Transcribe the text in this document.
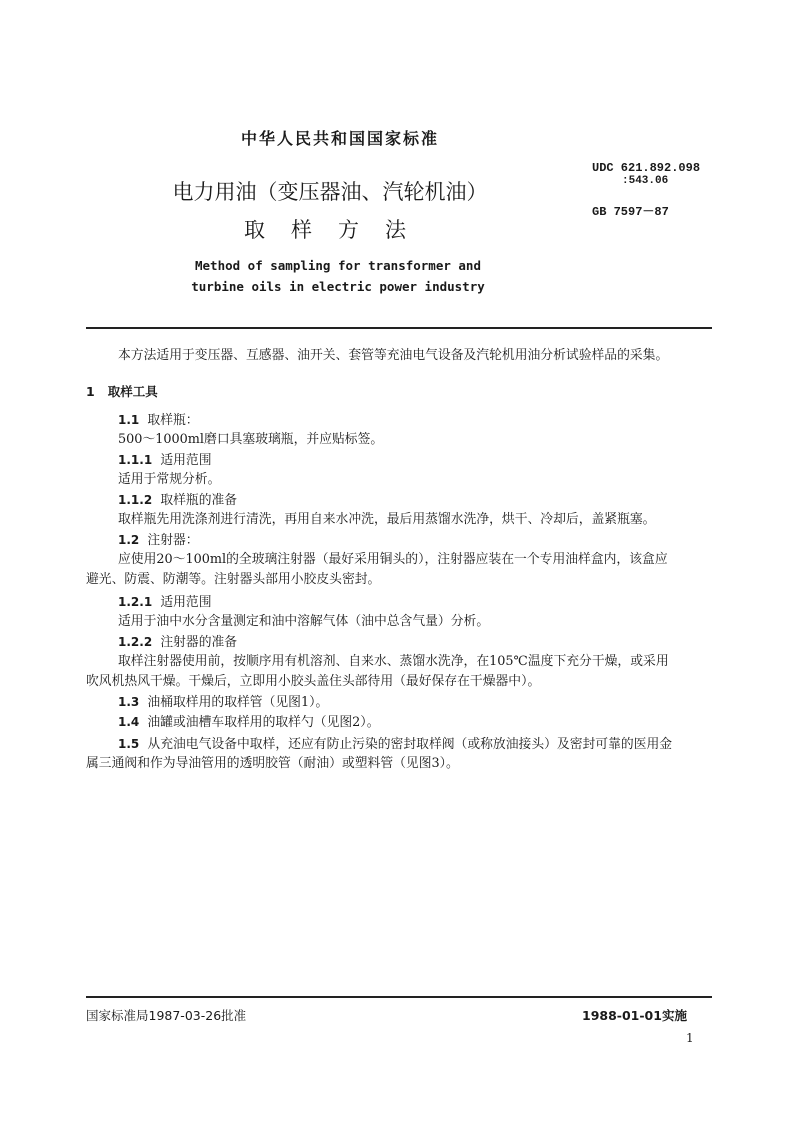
中华人民共和国国家标准
电力用油（变压器油、汽轮机油）
取样方法
Method of sampling for transformer and
turbine oils in electric power industry
UDC 621.892.098
:543.06
GB 7597－87
本方法适用于变压器、互感器、油开关、套管等充油电气设备及汽轮机用油分析试验样品的采集。
1 取样工具
1.1 取样瓶：
500～1000ml磨口具塞玻璃瓶，并应贴标签。
1.1.1 适用范围
适用于常规分析。
1.1.2 取样瓶的准备
取样瓶先用洗涤剂进行清洗，再用自来水冲洗，最后用蒸馏水洗净，烘干、冷却后，盖紧瓶塞。
1.2 注射器：
应使用20～100ml的全玻璃注射器（最好采用铜头的），注射器应装在一个专用油样盒内，该盒应
避光、防震、防潮等。注射器头部用小胶皮头密封。
1.2.1 适用范围
适用于油中水分含量测定和油中溶解气体（油中总含气量）分析。
1.2.2 注射器的准备
取样注射器使用前，按顺序用有机溶剂、自来水、蒸馏水洗净，在105℃温度下充分干燥，或采用
吹风机热风干燥。干燥后，立即用小胶头盖住头部待用（最好保存在干燥器中）。
1.3 油桶取样用的取样管（见图1）。
1.4 油罐或油槽车取样用的取样勺（见图2）。
1.5 从充油电气设备中取样，还应有防止污染的密封取样阀（或称放油接头）及密封可靠的医用金
属三通阀和作为导油管用的透明胶管（耐油）或塑料管（见图3）。
国家标准局1987-03-26批准	1988-01-01实施
1
